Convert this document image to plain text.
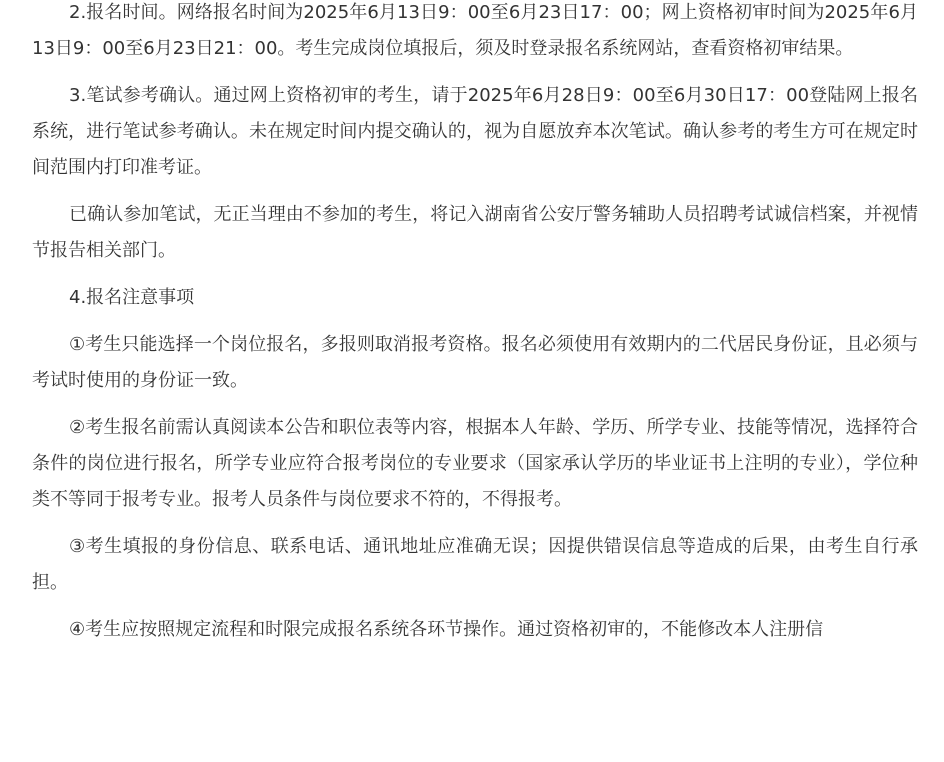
2.报名时间。网络报名时间为2025年6月13日9：00至6月23日17：00；网上资格初审时间为2025年6月13日9：00至6月23日21：00。考生完成岗位填报后，须及时登录报名系统网站，查看资格初审结果。

3.笔试参考确认。通过网上资格初审的考生，请于2025年6月28日9：00至6月30日17：00登陆网上报名系统，进行笔试参考确认。未在规定时间内提交确认的，视为自愿放弃本次笔试。确认参考的考生方可在规定时间范围内打印准考证。

已确认参加笔试，无正当理由不参加的考生，将记入湖南省公安厅警务辅助人员招聘考试诚信档案，并视情节报告相关部门。

4.报名注意事项

①考生只能选择一个岗位报名，多报则取消报考资格。报名必须使用有效期内的二代居民身份证，且必须与考试时使用的身份证一致。

②考生报名前需认真阅读本公告和职位表等内容，根据本人年龄、学历、所学专业、技能等情况，选择符合条件的岗位进行报名，所学专业应符合报考岗位的专业要求（国家承认学历的毕业证书上注明的专业），学位种类不等同于报考专业。报考人员条件与岗位要求不符的，不得报考。

③考生填报的身份信息、联系电话、通讯地址应准确无误；因提供错误信息等造成的后果，由考生自行承担。

④考生应按照规定流程和时限完成报名系统各环节操作。通过资格初审的，不能修改本人注册信
